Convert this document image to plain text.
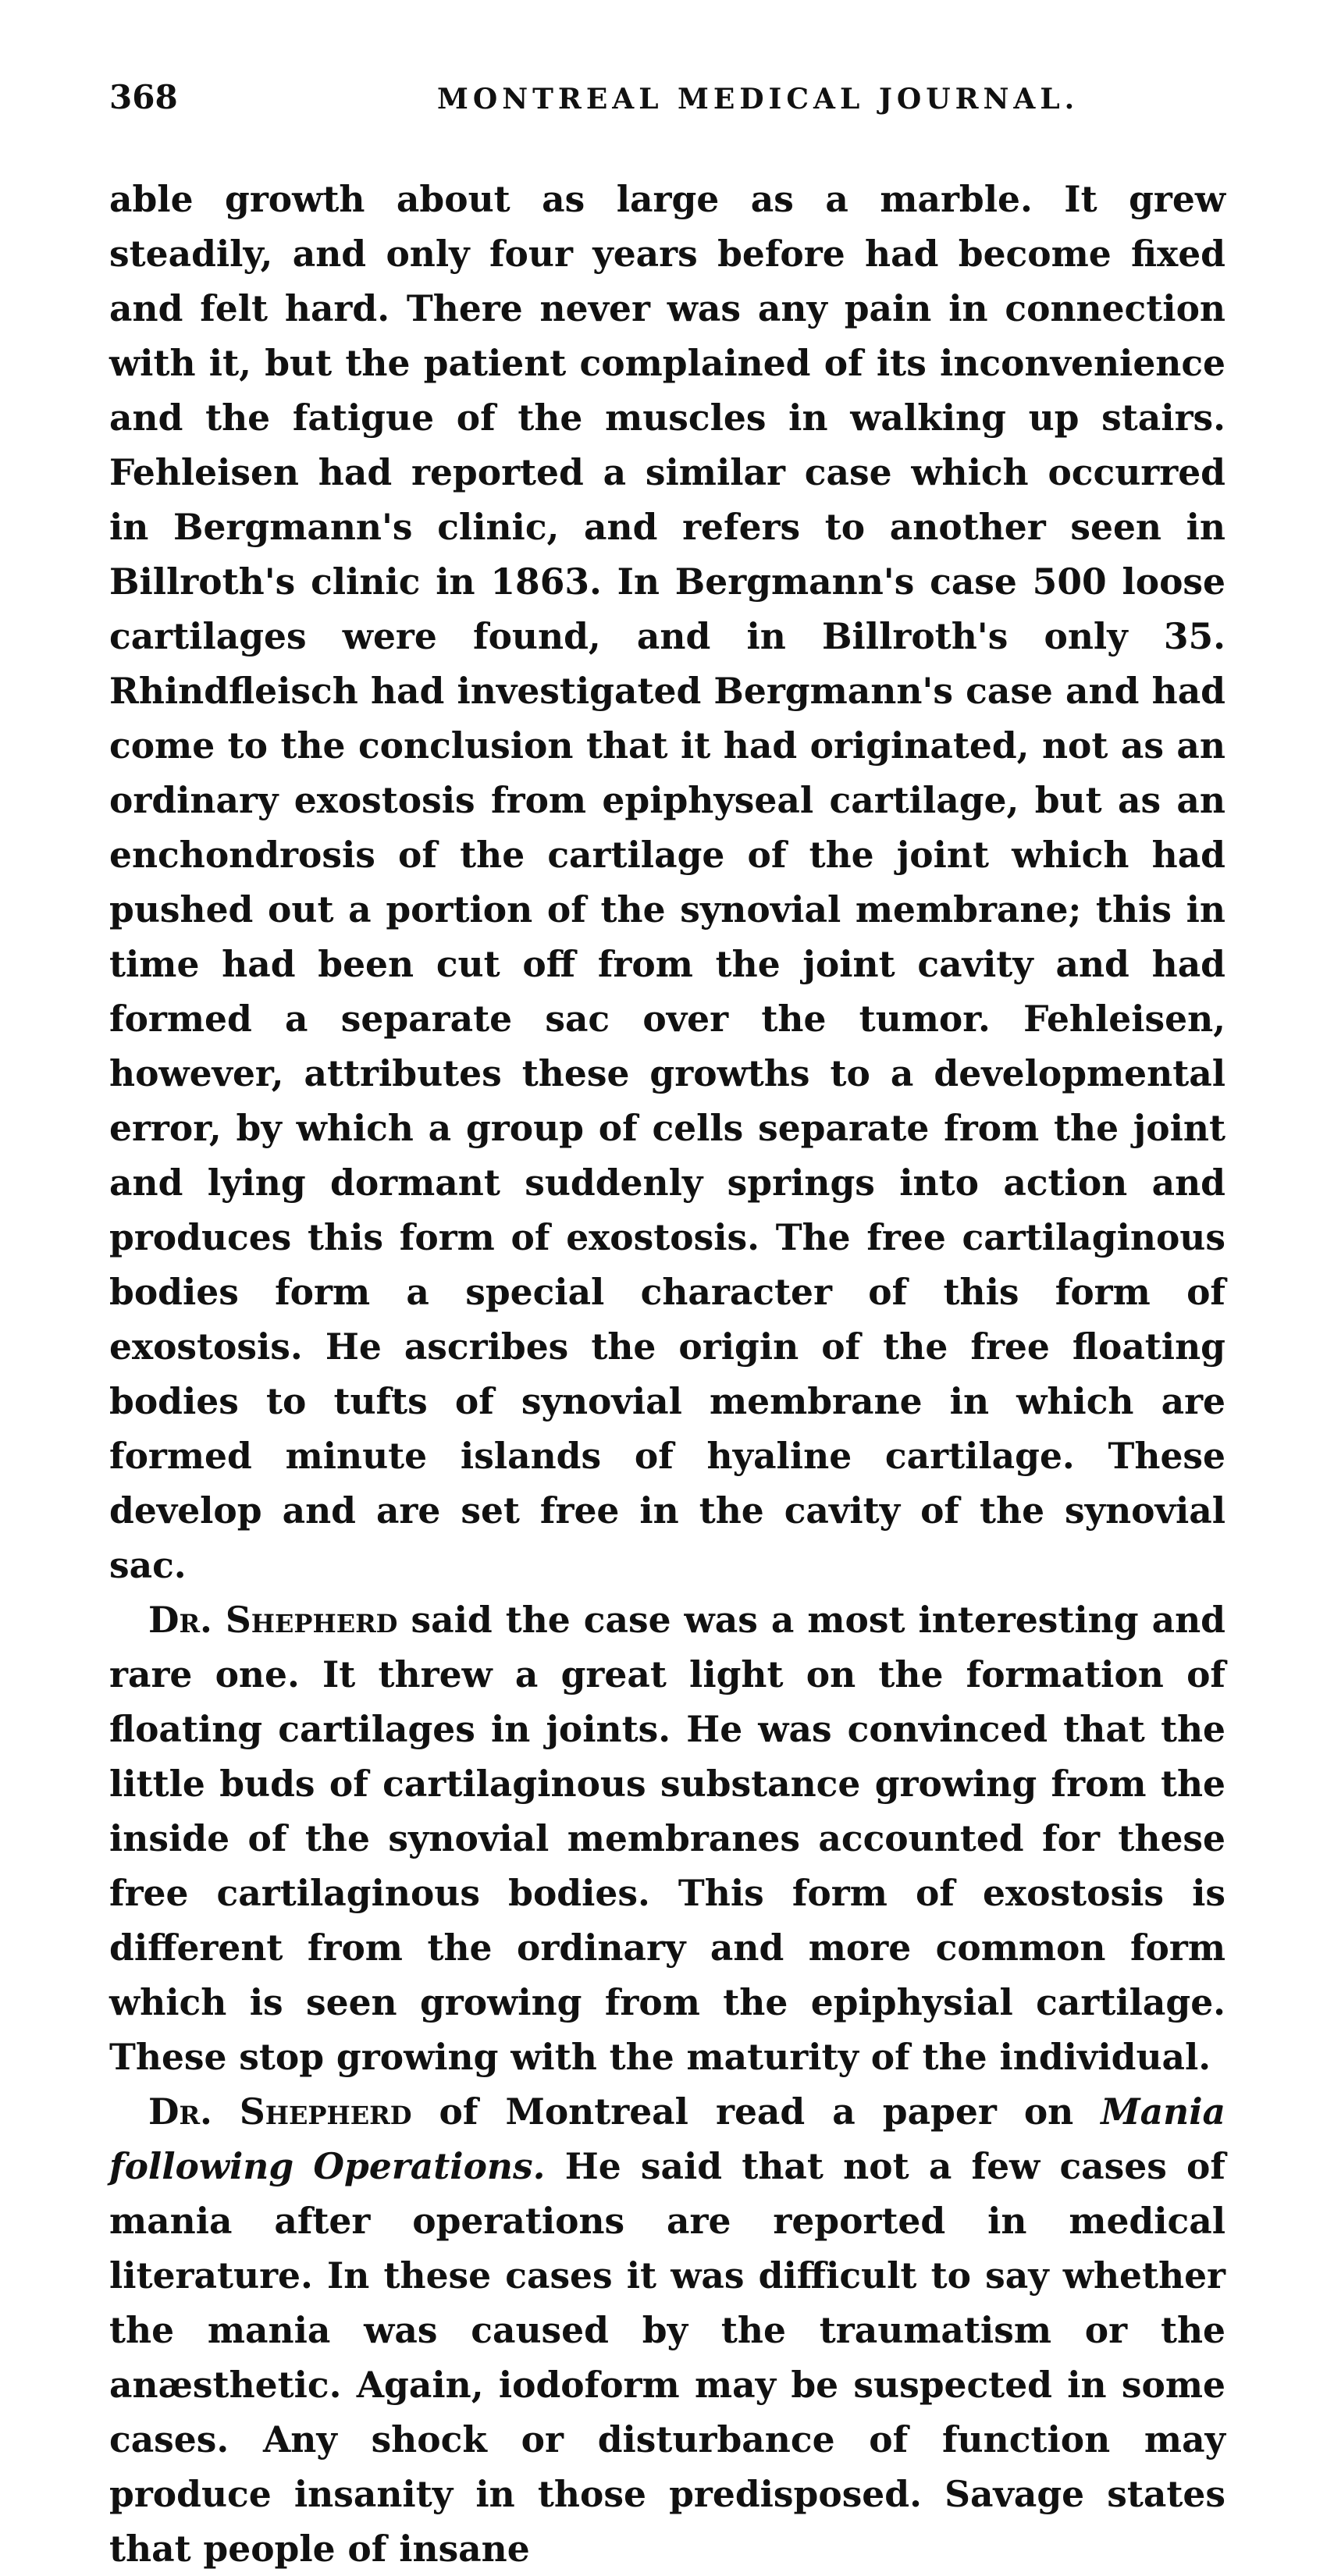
368	MONTREAL MEDICAL JOURNAL.

able growth about as large as a marble. It grew steadily, and only four years before had become fixed and felt hard. There never was any pain in connection with it, but the patient complained of its inconvenience and the fatigue of the muscles in walking up stairs. Fehleisen had reported a similar case which occurred in Bergmann's clinic, and refers to another seen in Billroth's clinic in 1863. In Bergmann's case 500 loose cartilages were found, and in Billroth's only 35. Rhindfleisch had investigated Bergmann's case and had come to the conclusion that it had originated, not as an ordinary exostosis from epiphyseal cartilage, but as an enchondrosis of the cartilage of the joint which had pushed out a portion of the synovial membrane; this in time had been cut off from the joint cavity and had formed a separate sac over the tumor. Fehleisen, however, attributes these growths to a developmental error, by which a group of cells separate from the joint and lying dormant suddenly springs into action and produces this form of exostosis. The free cartilaginous bodies form a special character of this form of exostosis. He ascribes the origin of the free floating bodies to tufts of synovial membrane in which are formed minute islands of hyaline cartilage. These develop and are set free in the cavity of the synovial sac.

Dr. Shepherd said the case was a most interesting and rare one. It threw a great light on the formation of floating cartilages in joints. He was convinced that the little buds of cartilaginous substance growing from the inside of the synovial membranes accounted for these free cartilaginous bodies. This form of exostosis is different from the ordinary and more common form which is seen growing from the epiphysial cartilage. These stop growing with the maturity of the individual.

Dr. Shepherd of Montreal read a paper on Mania following Operations. He said that not a few cases of mania after operations are reported in medical literature. In these cases it was difficult to say whether the mania was caused by the traumatism or the anæsthetic. Again, iodoform may be suspected in some cases. Any shock or disturbance of function may produce insanity in those predisposed. Savage states that people of insane
